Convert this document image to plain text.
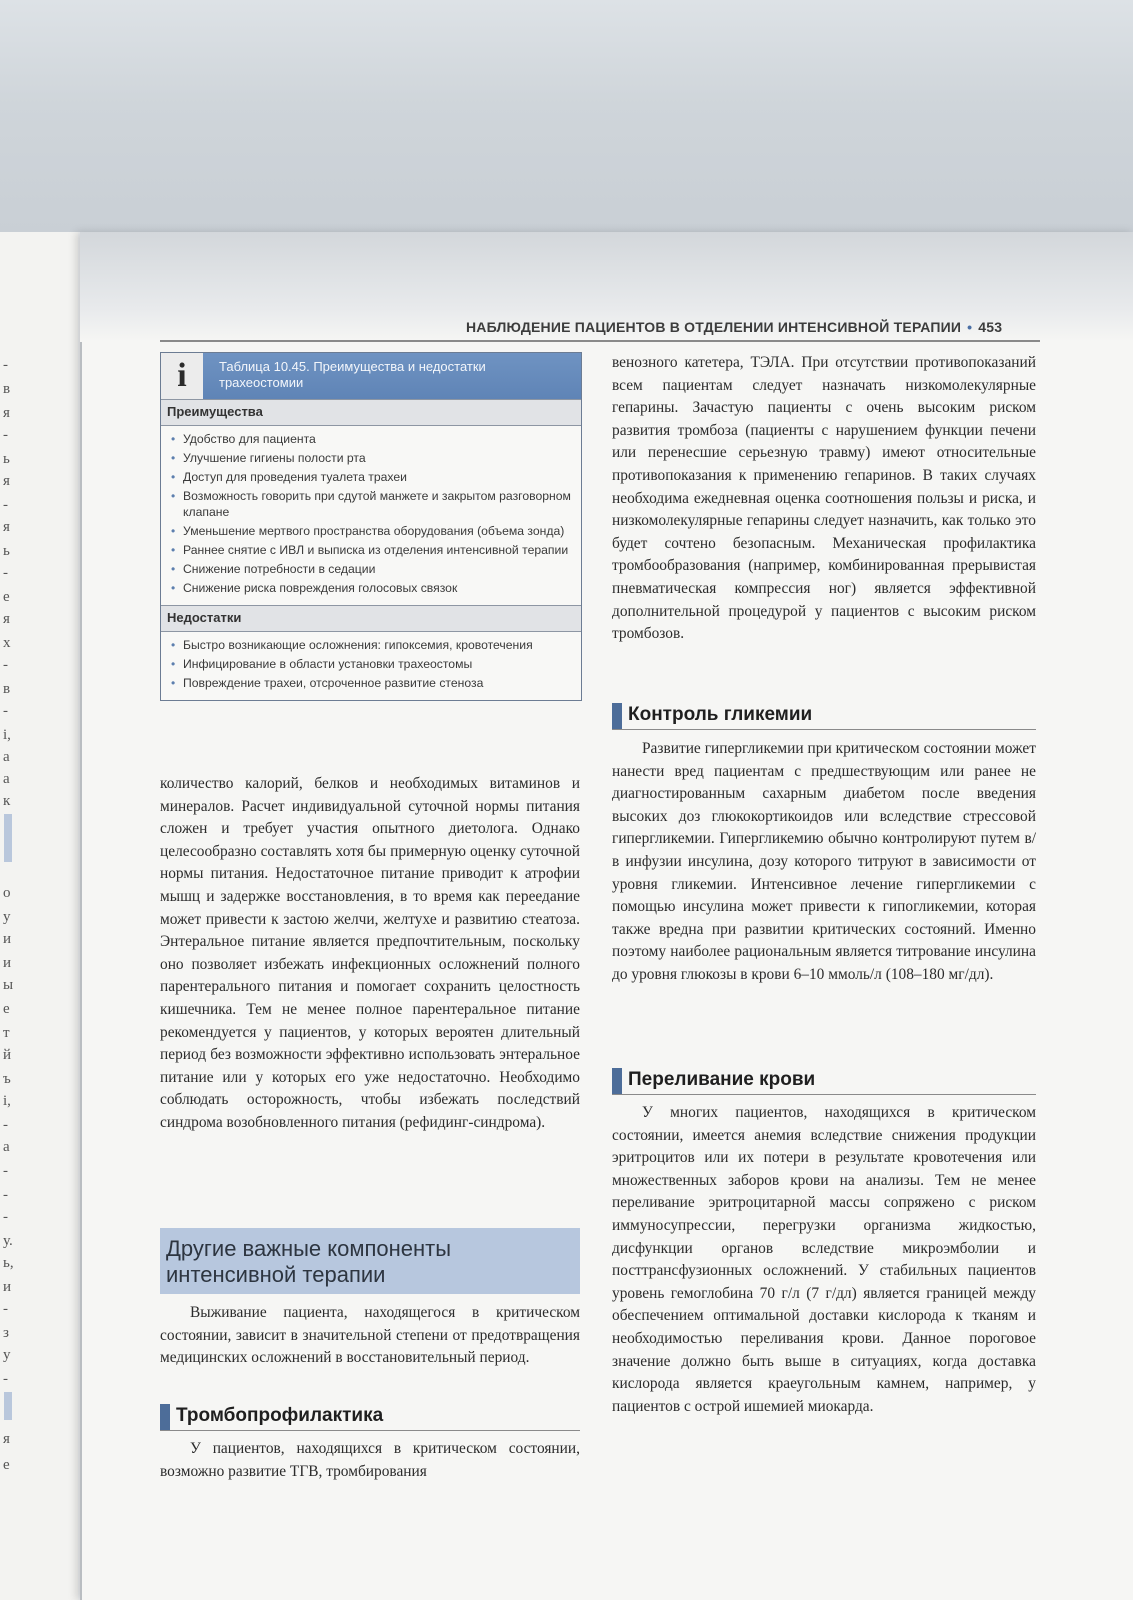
-
в
я
-
ь
я
-
я
ь
-
е
я
х
-
в
-
і,
а
а
к
о
у
и
и
ы
е
т
й
ъ
і,
-
а
-
-
-
у.
ь,
и
-
з
у
-
я
е
НАБЛЮДЕНИЕ ПАЦИЕНТОВ В ОТДЕЛЕНИИ ИНТЕНСИВНОЙ ТЕРАПИИ • 453
i	Таблица 10.45. Преимущества и недостатки трахеостомии
Преимущества
• Удобство для пациента
• Улучшение гигиены полости рта
• Доступ для проведения туалета трахеи
• Возможность говорить при сдутой манжете и закрытом разговорном клапане
• Уменьшение мертвого пространства оборудования (объема зонда)
• Раннее снятие с ИВЛ и выписка из отделения интенсивной терапии
• Снижение потребности в седации
• Снижение риска повреждения голосовых связок
Недостатки
• Быстро возникающие осложнения: гипоксемия, кровотечения
• Инфицирование в области установки трахеостомы
• Повреждение трахеи, отсроченное развитие стеноза

количество калорий, белков и необходимых витаминов и минералов. Расчет индивидуальной суточной нормы питания сложен и требует участия опытного диетолога. Однако целесообразно составлять хотя бы примерную оценку суточной нормы питания. Недостаточное питание приводит к атрофии мышц и задержке восстановления, в то время как переедание может привести к застою желчи, желтухе и развитию стеатоза. Энтеральное питание является предпочтительным, поскольку оно позволяет избежать инфекционных осложнений полного парентерального питания и помогает сохранить целостность кишечника. Тем не менее полное парентеральное питание рекомендуется у пациентов, у которых вероятен длительный период без возможности эффективно использовать энтеральное питание или у которых его уже недостаточно. Необходимо соблюдать осторожность, чтобы избежать последствий синдрома возобновленного питания (рефидинг-синдрома).

Другие важные компоненты интенсивной терапии

Выживание пациента, находящегося в критическом состоянии, зависит в значительной степени от предотвращения медицинских осложнений в восстановительный период.

Тромбопрофилактика

У пациентов, находящихся в критическом состоянии, возможно развитие ТГВ, тромбирования

венозного катетера, ТЭЛА. При отсутствии противопоказаний всем пациентам следует назначать низкомолекулярные гепарины. Зачастую пациенты с очень высоким риском развития тромбоза (пациенты с нарушением функции печени или перенесшие серьезную травму) имеют относительные противопоказания к применению гепаринов. В таких случаях необходима ежедневная оценка соотношения пользы и риска, и низкомолекулярные гепарины следует назначить, как только это будет сочтено безопасным. Механическая профилактика тромбообразования (например, комбинированная прерывистая пневматическая компрессия ног) является эффективной дополнительной процедурой у пациентов с высоким риском тромбозов.

Контроль гликемии

Развитие гипергликемии при критическом состоянии может нанести вред пациентам с предшествующим или ранее не диагностированным сахарным диабетом после введения высоких доз глюкокортикоидов или вследствие стрессовой гипергликемии. Гипергликемию обычно контролируют путем в/в инфузии инсулина, дозу которого титруют в зависимости от уровня гликемии. Интенсивное лечение гипергликемии с помощью инсулина может привести к гипогликемии, которая также вредна при развитии критических состояний. Именно поэтому наиболее рациональным является титрование инсулина до уровня глюкозы в крови 6–10 ммоль/л (108–180 мг/дл).

Переливание крови

У многих пациентов, находящихся в критическом состоянии, имеется анемия вследствие снижения продукции эритроцитов или их потери в результате кровотечения или множественных заборов крови на анализы. Тем не менее переливание эритроцитарной массы сопряжено с риском иммуносупрессии, перегрузки организма жидкостью, дисфункции органов вследствие микроэмболии и посттрансфузионных осложнений. У стабильных пациентов уровень гемоглобина 70 г/л (7 г/дл) является границей между обеспечением оптимальной доставки кислорода к тканям и необходимостью переливания крови. Данное пороговое значение должно быть выше в ситуациях, когда доставка кислорода является краеугольным камнем, например, у пациентов с острой ишемией миокарда.
